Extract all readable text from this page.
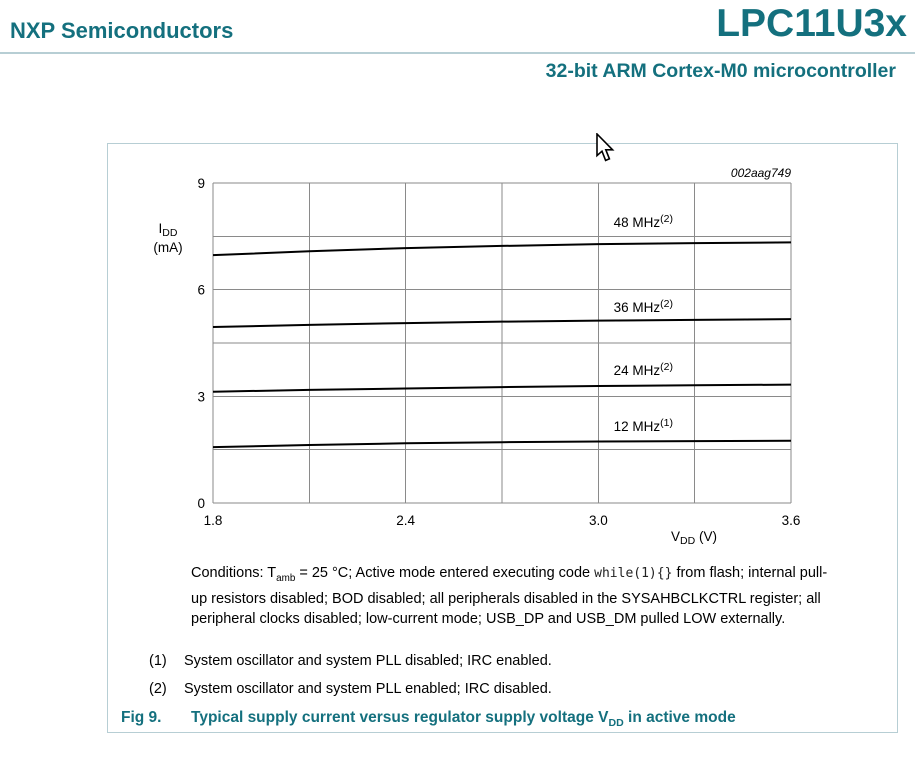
NXP Semiconductors	LPC11U3x
32-bit ARM Cortex-M0 microcontroller
1.8	2.4	3.0	3.6
0
3
6
9
48 MHz$^{(2)}$
36 MHz$^{(2)}$
24 MHz$^{(2)}$
12 MHz$^{(1)}$
002aag749
$V_{DD}$ (V)
$I_{DD}$
(mA)
Conditions: $T_{amb} = 25$ °C; Active mode entered executing code while(1){} from flash; internal pull-up resistors disabled; BOD disabled; all peripherals disabled in the SYSAHBCLKCTRL register; all peripheral clocks disabled; low-current mode; USB_DP and USB_DM pulled LOW externally.
(1) System oscillator and system PLL disabled; IRC enabled.
(2) System oscillator and system PLL enabled; IRC disabled.
Fig 9. Typical supply current versus regulator supply voltage $V_{DD}$ in active mode
